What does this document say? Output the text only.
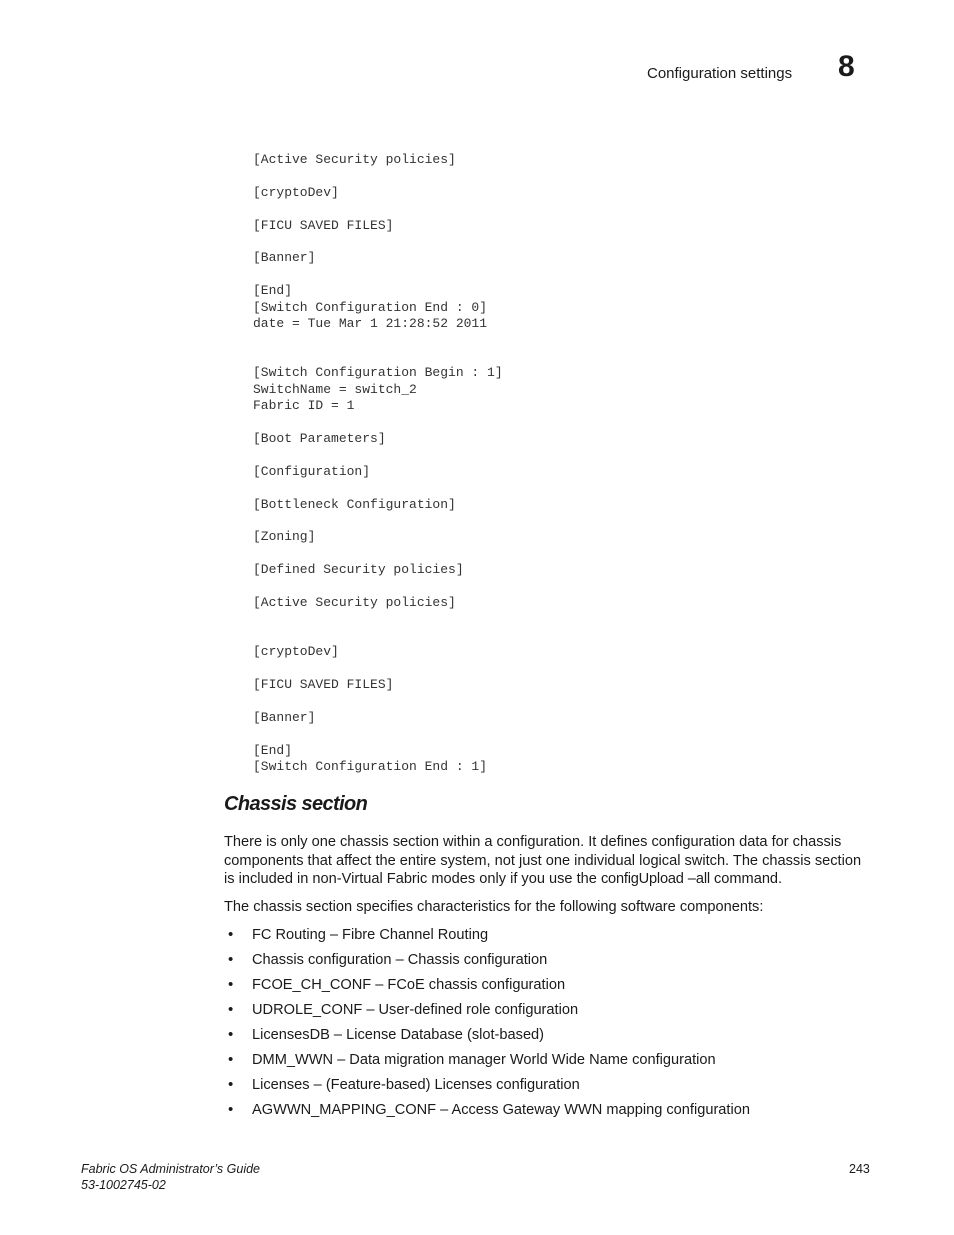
Configuration settings 8
[Active Security policies]

[cryptoDev]

[FICU SAVED FILES]

[Banner]

[End]
[Switch Configuration End : 0]
date = Tue Mar 1 21:28:52 2011

[Switch Configuration Begin : 1]
SwitchName = switch_2
Fabric ID = 1

[Boot Parameters]

[Configuration]

[Bottleneck Configuration]

[Zoning]

[Defined Security policies]

[Active Security policies]

[cryptoDev]

[FICU SAVED FILES]

[Banner]

[End]
[Switch Configuration End : 1]

Chassis section

There is only one chassis section within a configuration. It defines configuration data for chassis components that affect the entire system, not just one individual logical switch. The chassis section is included in non-Virtual Fabric modes only if you use the configUpload –all command.

The chassis section specifies characteristics for the following software components:

• FC Routing – Fibre Channel Routing
• Chassis configuration – Chassis configuration
• FCOE_CH_CONF – FCoE chassis configuration
• UDROLE_CONF – User-defined role configuration
• LicensesDB – License Database (slot-based)
• DMM_WWN – Data migration manager World Wide Name configuration
• Licenses – (Feature-based) Licenses configuration
• AGWWN_MAPPING_CONF – Access Gateway WWN mapping configuration
Fabric OS Administrator’s Guide
53-1002745-02
243
